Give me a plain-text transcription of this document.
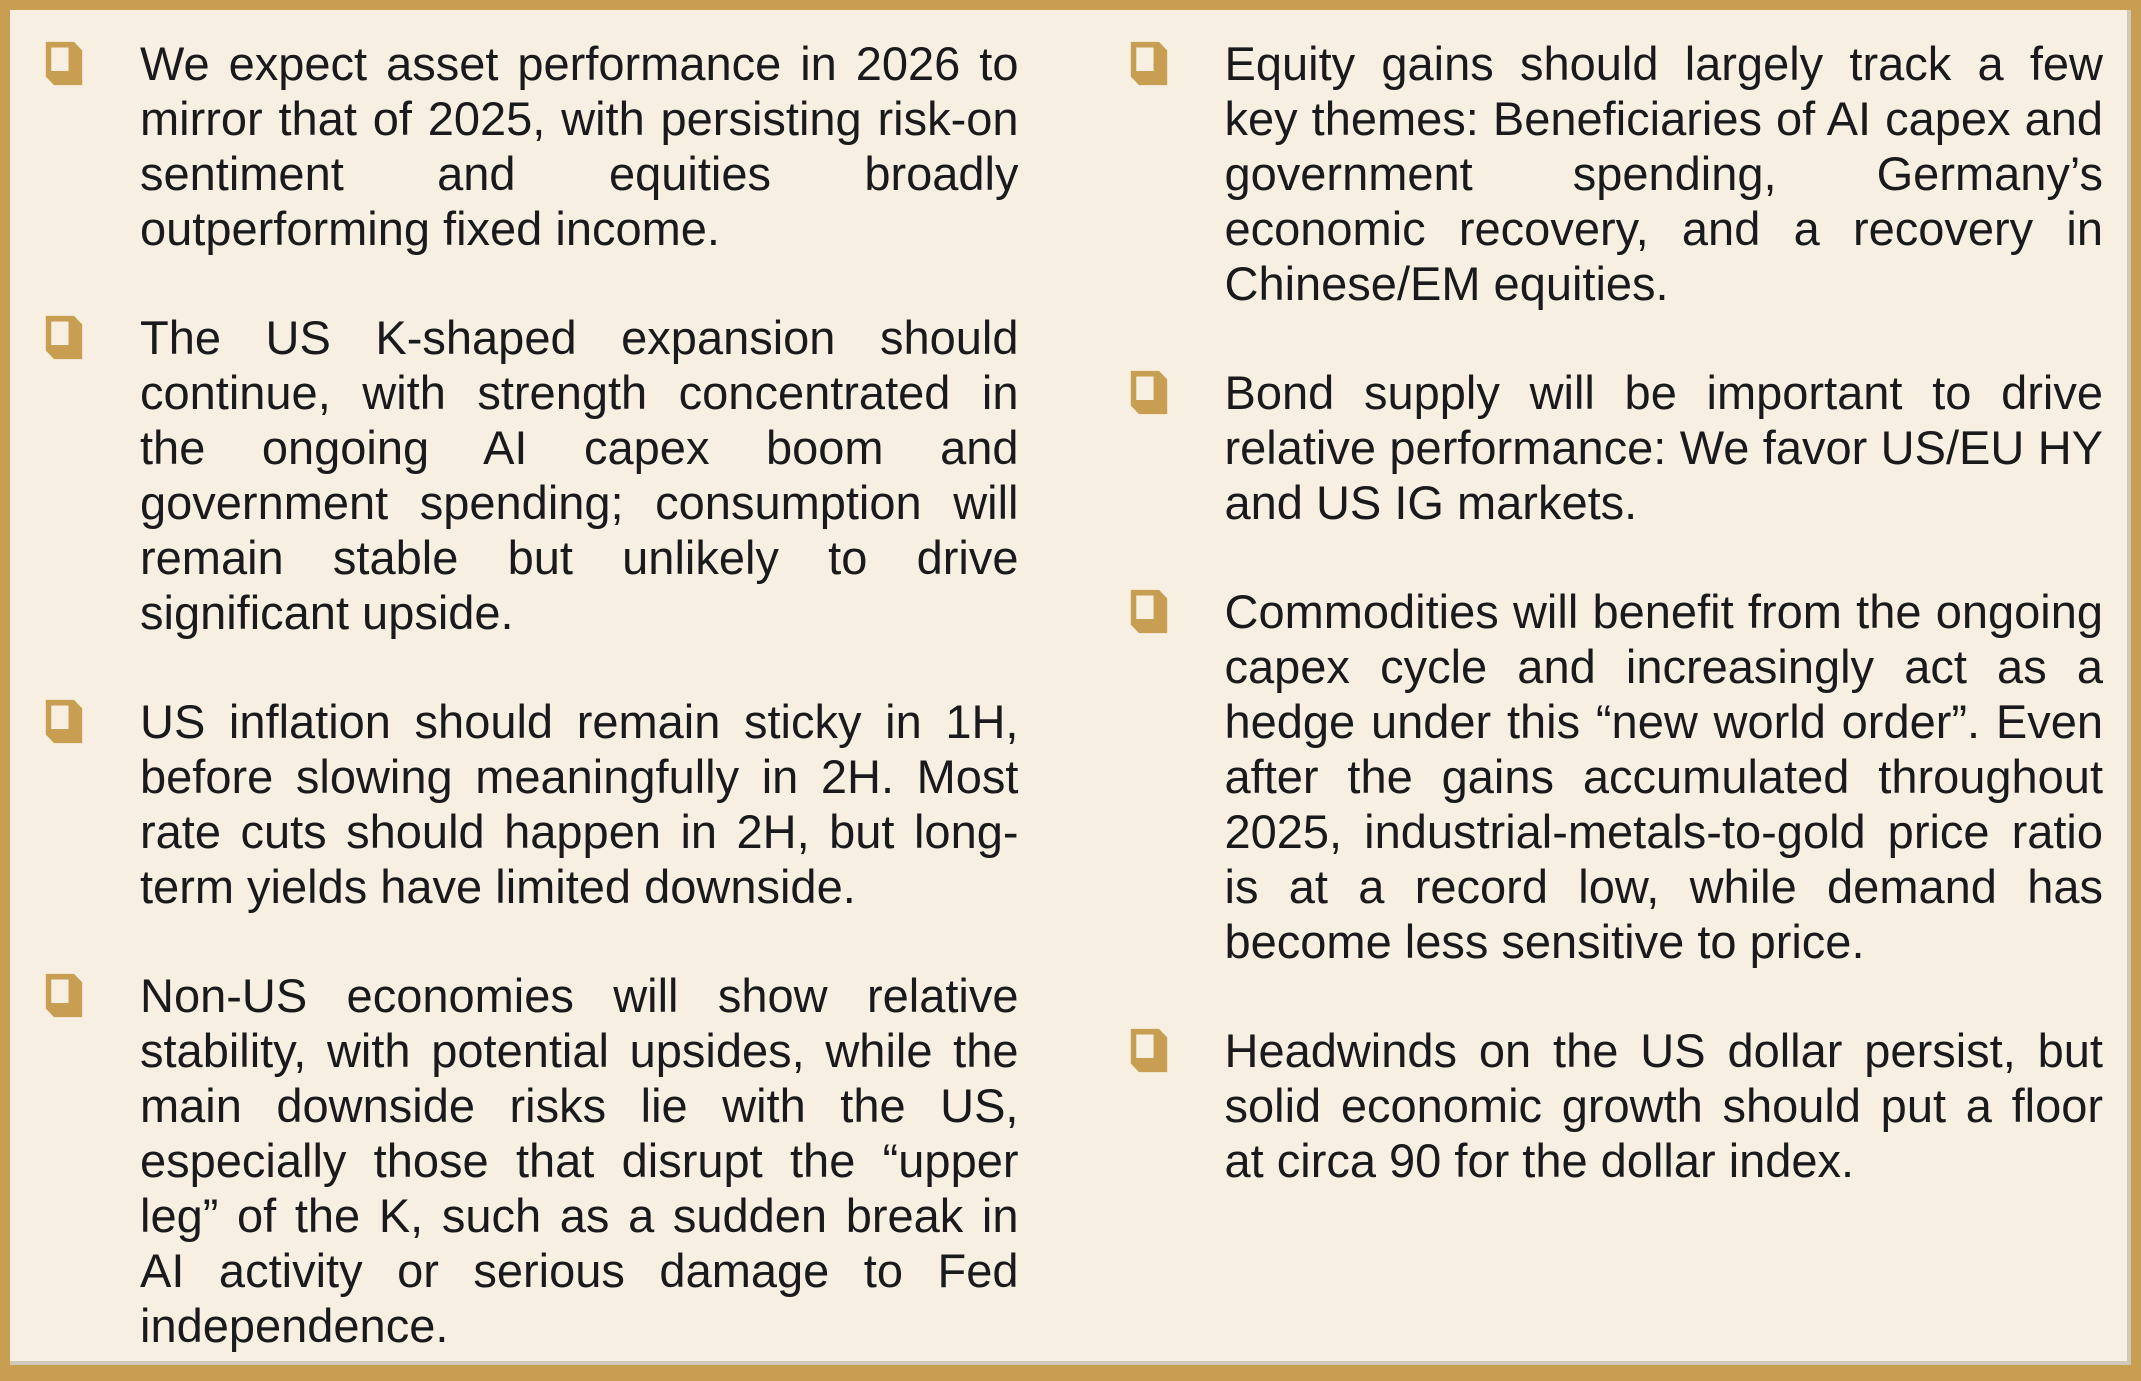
We expect asset performance in 2026 to mirror that of 2025, with persisting risk-on sentiment and equities broadly outperforming fixed income.

The US K-shaped expansion should continue, with strength concentrated in the ongoing AI capex boom and government spending; consumption will remain stable but unlikely to drive significant upside.

US inflation should remain sticky in 1H, before slowing meaningfully in 2H. Most rate cuts should happen in 2H, but long-term yields have limited downside.

Non-US economies will show relative stability, with potential upsides, while the main downside risks lie with the US, especially those that disrupt the “upper leg” of the K, such as a sudden break in AI activity or serious damage to Fed independence.

Equity gains should largely track a few key themes: Beneficiaries of AI capex and government spending, Germany’s economic recovery, and a recovery in Chinese/EM equities.

Bond supply will be important to drive relative performance: We favor US/EU HY and US IG markets.

Commodities will benefit from the ongoing capex cycle and increasingly act as a hedge under this “new world order”. Even after the gains accumulated throughout 2025, industrial-metals-to-gold price ratio is at a record low, while demand has become less sensitive to price.

Headwinds on the US dollar persist, but solid economic growth should put a floor at circa 90 for the dollar index.
